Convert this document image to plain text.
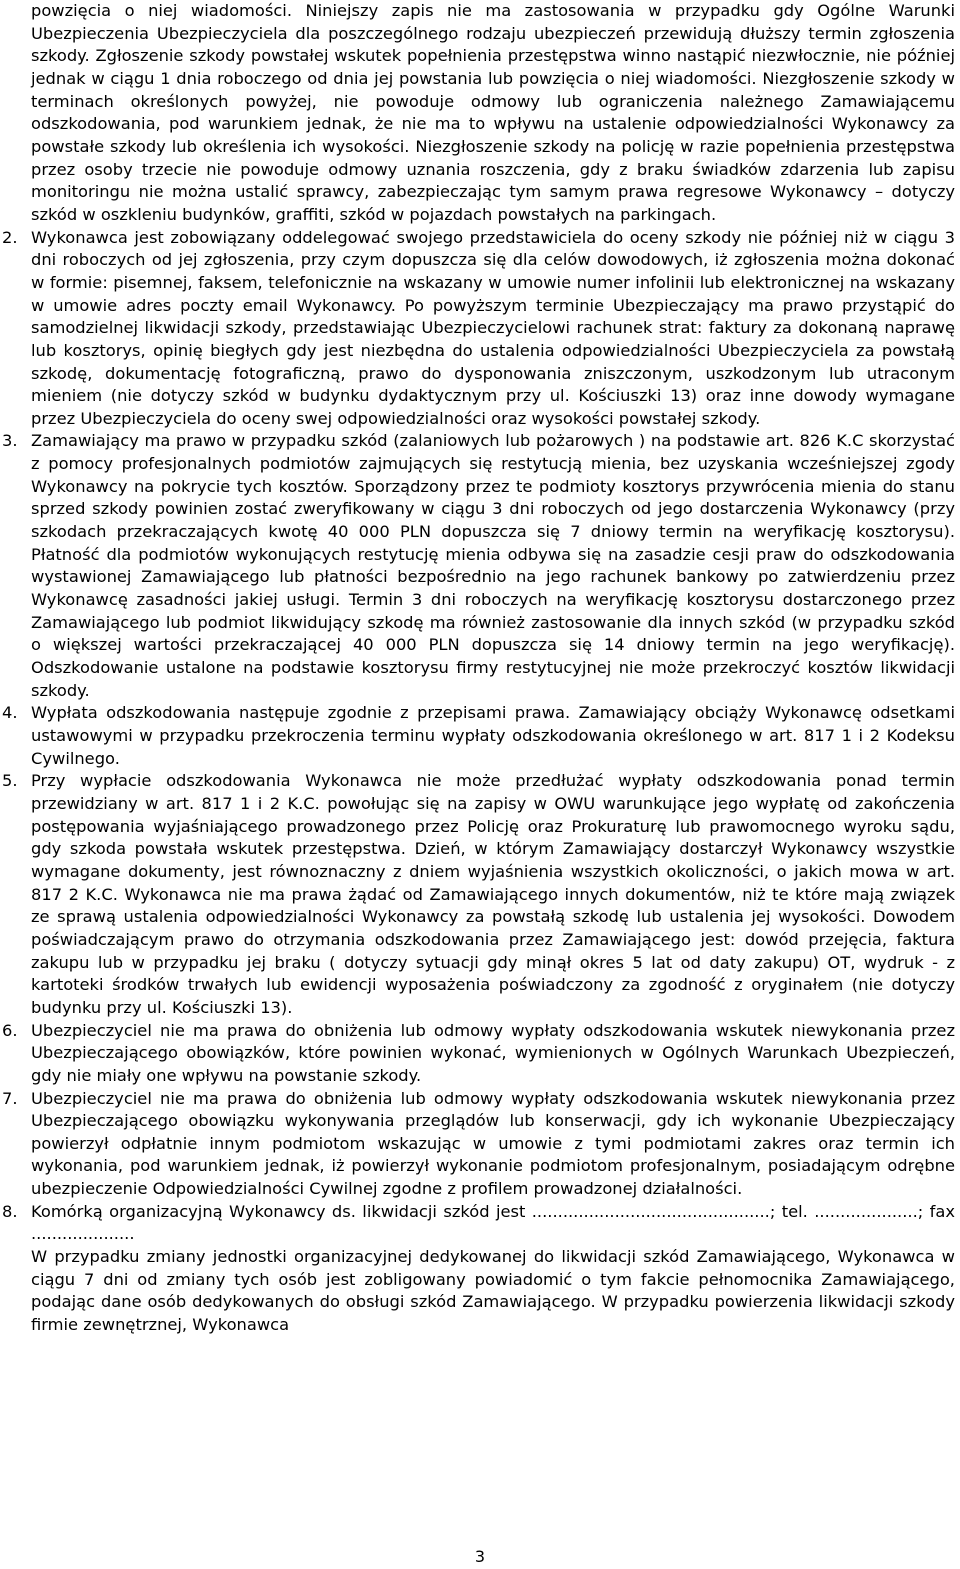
powzięcia o niej wiadomości. Niniejszy zapis nie ma zastosowania w przypadku gdy Ogólne Warunki Ubezpieczenia Ubezpieczyciela dla poszczególnego rodzaju ubezpieczeń przewidują dłuższy termin zgłoszenia szkody. Zgłoszenie szkody powstałej wskutek popełnienia przestępstwa winno nastąpić niezwłocznie, nie później jednak w ciągu 1 dnia roboczego od dnia jej powstania lub powzięcia o niej wiadomości. Niezgłoszenie szkody w terminach określonych powyżej, nie powoduje odmowy lub ograniczenia należnego Zamawiającemu odszkodowania, pod warunkiem jednak, że nie ma to wpływu na ustalenie odpowiedzialności Wykonawcy za powstałe szkody lub określenia ich wysokości. Niezgłoszenie szkody na policję w razie popełnienia przestępstwa przez osoby trzecie nie powoduje odmowy uznania roszczenia, gdy z braku świadków zdarzenia lub zapisu monitoringu nie można ustalić sprawcy, zabezpieczając tym samym prawa regresowe Wykonawcy – dotyczy szkód w oszkleniu budynków, graffiti, szkód w pojazdach powstałych na parkingach.

2. Wykonawca jest zobowiązany oddelegować swojego przedstawiciela do oceny szkody nie później niż w ciągu 3 dni roboczych od jej zgłoszenia, przy czym dopuszcza się dla celów dowodowych, iż zgłoszenia można dokonać w formie: pisemnej, faksem, telefonicznie na wskazany w umowie numer infolinii lub elektronicznej na wskazany w umowie adres poczty email Wykonawcy. Po powyższym terminie Ubezpieczający ma prawo przystąpić do samodzielnej likwidacji szkody, przedstawiając Ubezpieczycielowi rachunek strat: faktury za dokonaną naprawę lub kosztorys, opinię biegłych gdy jest niezbędna do ustalenia odpowiedzialności Ubezpieczyciela za powstałą szkodę, dokumentację fotograficzną, prawo do dysponowania zniszczonym, uszkodzonym lub utraconym mieniem (nie dotyczy szkód w budynku dydaktycznym przy ul. Kościuszki 13) oraz inne dowody wymagane przez Ubezpieczyciela do oceny swej odpowiedzialności oraz wysokości powstałej szkody.
3. Zamawiający ma prawo w przypadku szkód (zalaniowych lub pożarowych ) na podstawie art. 826 K.C skorzystać z pomocy profesjonalnych podmiotów zajmujących się restytucją mienia, bez uzyskania wcześniejszej zgody Wykonawcy na pokrycie tych kosztów. Sporządzony przez te podmioty kosztorys przywrócenia mienia do stanu sprzed szkody powinien zostać zweryfikowany w ciągu 3 dni roboczych od jego dostarczenia Wykonawcy (przy szkodach przekraczających kwotę 40 000 PLN dopuszcza się 7 dniowy termin na weryfikację kosztorysu). Płatność dla podmiotów wykonujących restytucję mienia odbywa się na zasadzie cesji praw do odszkodowania wystawionej Zamawiającego lub płatności bezpośrednio na jego rachunek bankowy po zatwierdzeniu przez Wykonawcę zasadności jakiej usługi. Termin 3 dni roboczych na weryfikację kosztorysu dostarczonego przez Zamawiającego lub podmiot likwidujący szkodę ma również zastosowanie dla innych szkód (w przypadku szkód o większej wartości przekraczającej 40 000 PLN dopuszcza się 14 dniowy termin na jego weryfikację). Odszkodowanie ustalone na podstawie kosztorysu firmy restytucyjnej nie może przekroczyć kosztów likwidacji szkody.
4. Wypłata odszkodowania następuje zgodnie z przepisami prawa. Zamawiający obciąży Wykonawcę odsetkami ustawowymi w przypadku przekroczenia terminu wypłaty odszkodowania określonego w art. 817 1 i 2 Kodeksu Cywilnego.
5. Przy wypłacie odszkodowania Wykonawca nie może przedłużać wypłaty odszkodowania ponad termin przewidziany w art. 817 1 i 2 K.C. powołując się na zapisy w OWU warunkujące jego wypłatę od zakończenia postępowania wyjaśniającego prowadzonego przez Policję oraz Prokuraturę lub prawomocnego wyroku sądu, gdy szkoda powstała wskutek przestępstwa. Dzień, w którym Zamawiający dostarczył Wykonawcy wszystkie wymagane dokumenty, jest równoznaczny z dniem wyjaśnienia wszystkich okoliczności, o jakich mowa w art. 817 2 K.C. Wykonawca nie ma prawa żądać od Zamawiającego innych dokumentów, niż te które mają związek ze sprawą ustalenia odpowiedzialności Wykonawcy za powstałą szkodę lub ustalenia jej wysokości. Dowodem poświadczającym prawo do otrzymania odszkodowania przez Zamawiającego jest: dowód przejęcia, faktura zakupu lub w przypadku jej braku ( dotyczy sytuacji gdy minął okres 5 lat od daty zakupu) OT, wydruk - z kartoteki środków trwałych lub ewidencji wyposażenia poświadczony za zgodność z oryginałem (nie dotyczy budynku przy ul. Kościuszki 13).
6. Ubezpieczyciel nie ma prawa do obniżenia lub odmowy wypłaty odszkodowania wskutek niewykonania przez Ubezpieczającego obowiązków, które powinien wykonać, wymienionych w Ogólnych Warunkach Ubezpieczeń, gdy nie miały one wpływu na powstanie szkody.
7. Ubezpieczyciel nie ma prawa do obniżenia lub odmowy wypłaty odszkodowania wskutek niewykonania przez Ubezpieczającego obowiązku wykonywania przeglądów lub konserwacji, gdy ich wykonanie Ubezpieczający powierzył odpłatnie innym podmiotom wskazując w umowie z tymi podmiotami zakres oraz termin ich wykonania, pod warunkiem jednak, iż powierzył wykonanie podmiotom profesjonalnym, posiadającym odrębne ubezpieczenie Odpowiedzialności Cywilnej zgodne z profilem prowadzonej działalności.
8. Komórką organizacyjną Wykonawcy ds. likwidacji szkód jest ..............................................; tel. ....................; fax ....................
W przypadku zmiany jednostki organizacyjnej dedykowanej do likwidacji szkód Zamawiającego, Wykonawca w ciągu 7 dni od zmiany tych osób jest zobligowany powiadomić o tym fakcie pełnomocnika Zamawiającego, podając dane osób dedykowanych do obsługi szkód Zamawiającego. W przypadku powierzenia likwidacji szkody firmie zewnętrznej, Wykonawca
3
